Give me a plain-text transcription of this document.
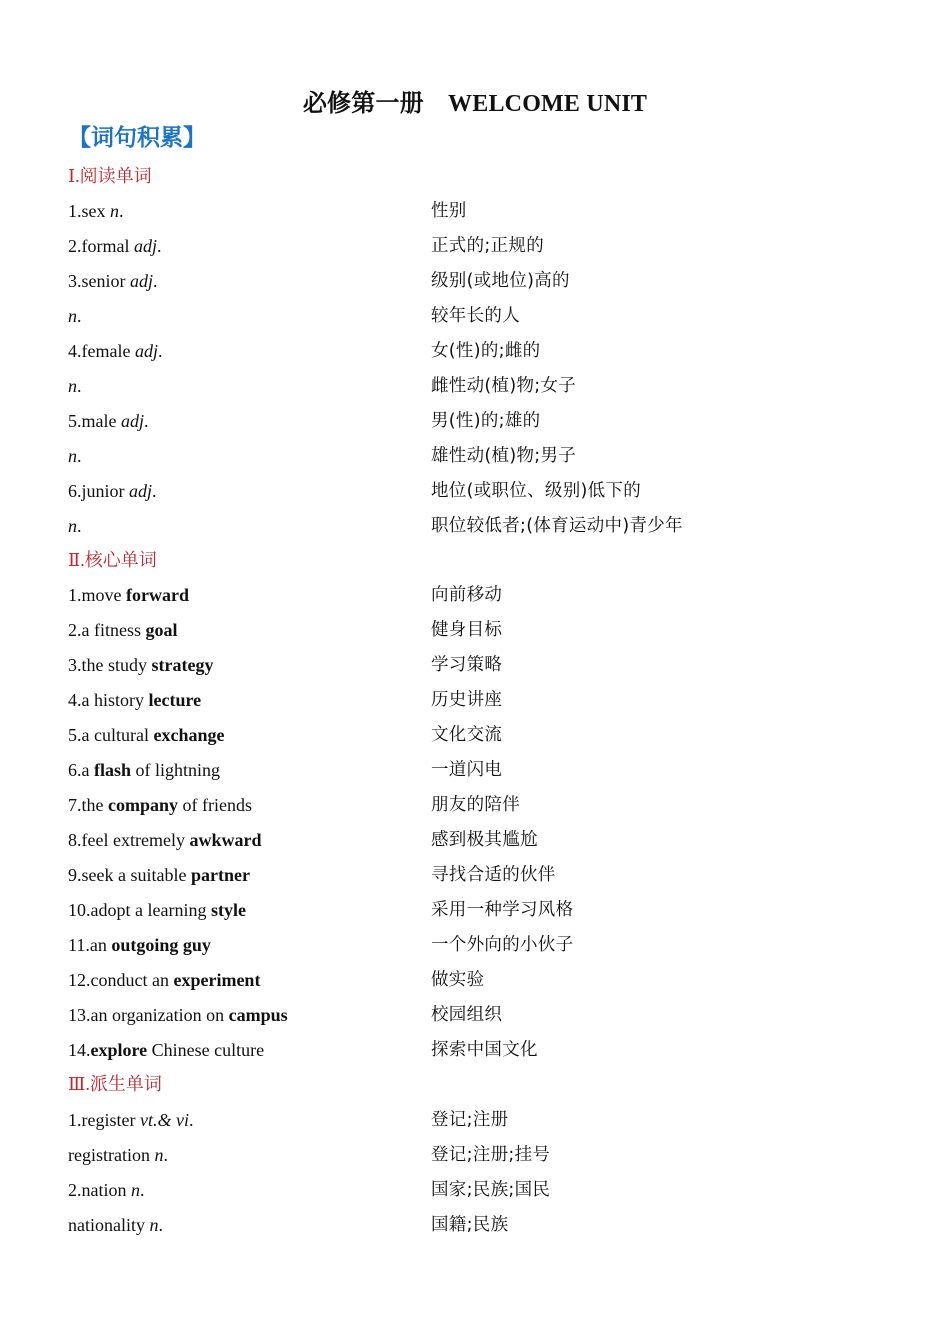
必修第一册　WELCOME UNIT
【词句积累】
Ⅰ.阅读单词
1.sex n.	性别
2.formal adj.	正式的;正规的
3.senior adj.	级别(或地位)高的
n.	较年长的人
4.female adj.	女(性)的;雌的
n.	雌性动(植)物;女子
5.male adj.	男(性)的;雄的
n.	雄性动(植)物;男子
6.junior adj.	地位(或职位、级别)低下的
n.	职位较低者;(体育运动中)青少年
Ⅱ.核心单词
1.move forward	向前移动
2.a fitness goal	健身目标
3.the study strategy	学习策略
4.a history lecture	历史讲座
5.a cultural exchange	文化交流
6.a flash of lightning	一道闪电
7.the company of friends	朋友的陪伴
8.feel extremely awkward	感到极其尴尬
9.seek a suitable partner	寻找合适的伙伴
10.adopt a learning style	采用一种学习风格
11.an outgoing guy	一个外向的小伙子
12.conduct an experiment	做实验
13.an organization on campus	校园组织
14.explore Chinese culture	探索中国文化
Ⅲ.派生单词
1.register vt.& vi.	登记;注册
registration n.	登记;注册;挂号
2.nation n.	国家;民族;国民
nationality n.	国籍;民族
